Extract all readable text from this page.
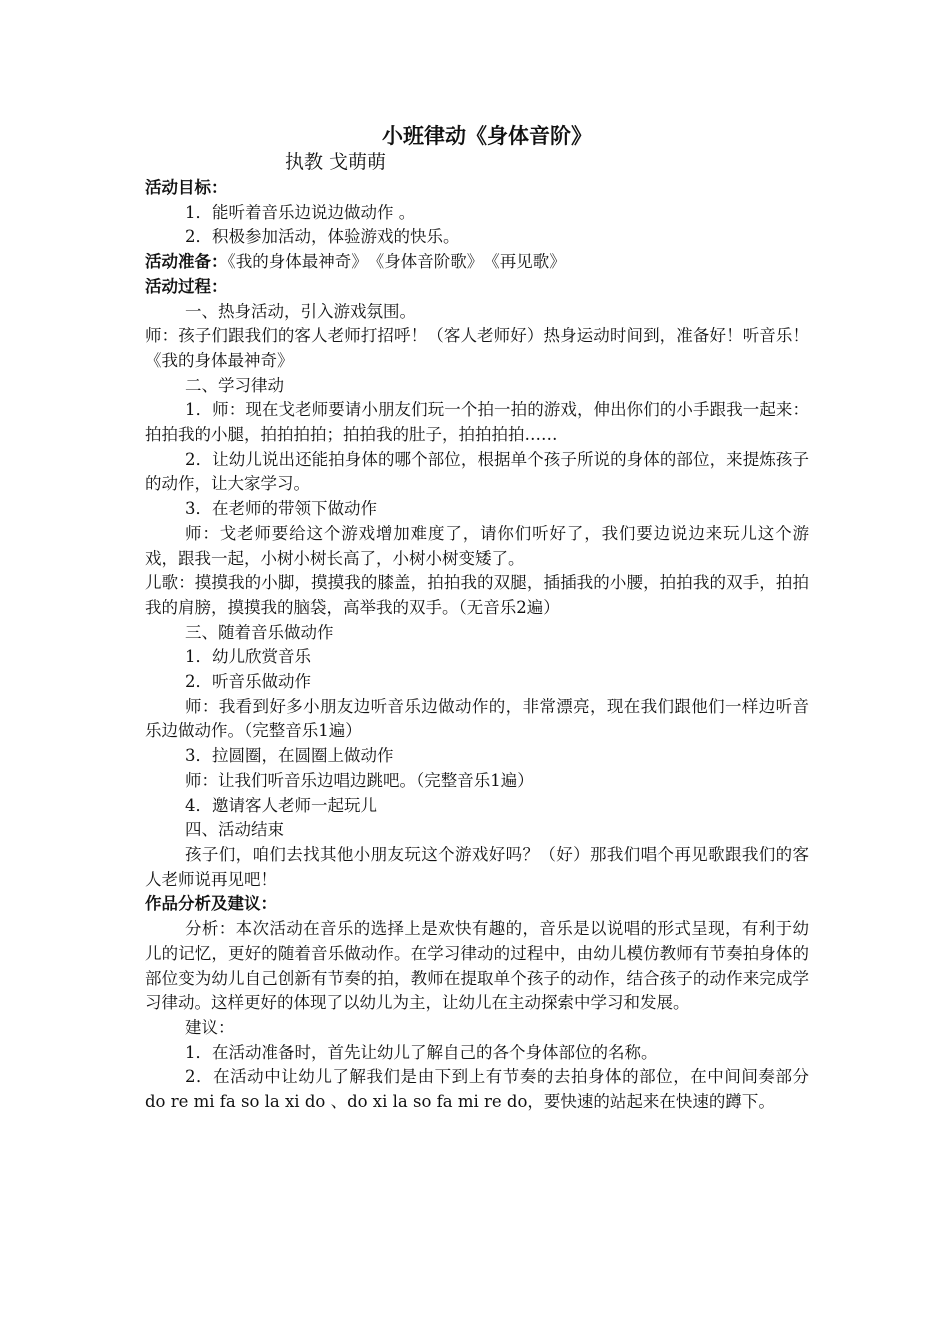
小班律动《身体音阶》

执教 戈萌萌

活动目标：

1．能听着音乐边说边做动作 。

2．积极参加活动，体验游戏的快乐。

活动准备：《我的身体最神奇》　《身体音阶歌》　《再见歌》

活动过程：

一、热身活动，引入游戏氛围。

师：孩子们跟我们的客人老师打招呼！（客人老师好）热身运动时间到，准备好！听音乐！《我的身体最神奇》

二、学习律动

1．师：现在戈老师要请小朋友们玩一个拍一拍的游戏，伸出你们的小手跟我一起来：拍拍我的小腿，拍拍拍拍；拍拍我的肚子，拍拍拍拍……

2．让幼儿说出还能拍身体的哪个部位，根据单个孩子所说的身体的部位，来提炼孩子的动作，让大家学习。

3．在老师的带领下做动作

师：戈老师要给这个游戏增加难度了，请你们听好了，我们要边说边来玩儿这个游戏，跟我一起，小树小树长高了，小树小树变矮了。

儿歌：摸摸我的小脚，摸摸我的膝盖，拍拍我的双腿，插插我的小腰，拍拍我的双手，拍拍我的肩膀，摸摸我的脑袋，高举我的双手。（无音乐2遍）

三、随着音乐做动作

1．幼儿欣赏音乐

2．听音乐做动作

师：我看到好多小朋友边听音乐边做动作的，非常漂亮，现在我们跟他们一样边听音乐边做动作。（完整音乐1遍）

3．拉圆圈，在圆圈上做动作

师：让我们听音乐边唱边跳吧。（完整音乐1遍）

4．邀请客人老师一起玩儿

四、活动结束

孩子们，咱们去找其他小朋友玩这个游戏好吗？（好）那我们唱个再见歌跟我们的客人老师说再见吧！

作品分析及建议：

分析：本次活动在音乐的选择上是欢快有趣的，音乐是以说唱的形式呈现，有利于幼儿的记忆，更好的随着音乐做动作。在学习律动的过程中，由幼儿模仿教师有节奏拍身体的部位变为幼儿自己创新有节奏的拍，教师在提取单个孩子的动作，结合孩子的动作来完成学习律动。这样更好的体现了以幼儿为主，让幼儿在主动探索中学习和发展。

建议：

1．在活动准备时，首先让幼儿了解自己的各个身体部位的名称。

2．在活动中让幼儿了解我们是由下到上有节奏的去拍身体的部位，在中间间奏部分do re mi fa so la xi do 、do xi la so fa mi re do，要快速的站起来在快速的蹲下。
